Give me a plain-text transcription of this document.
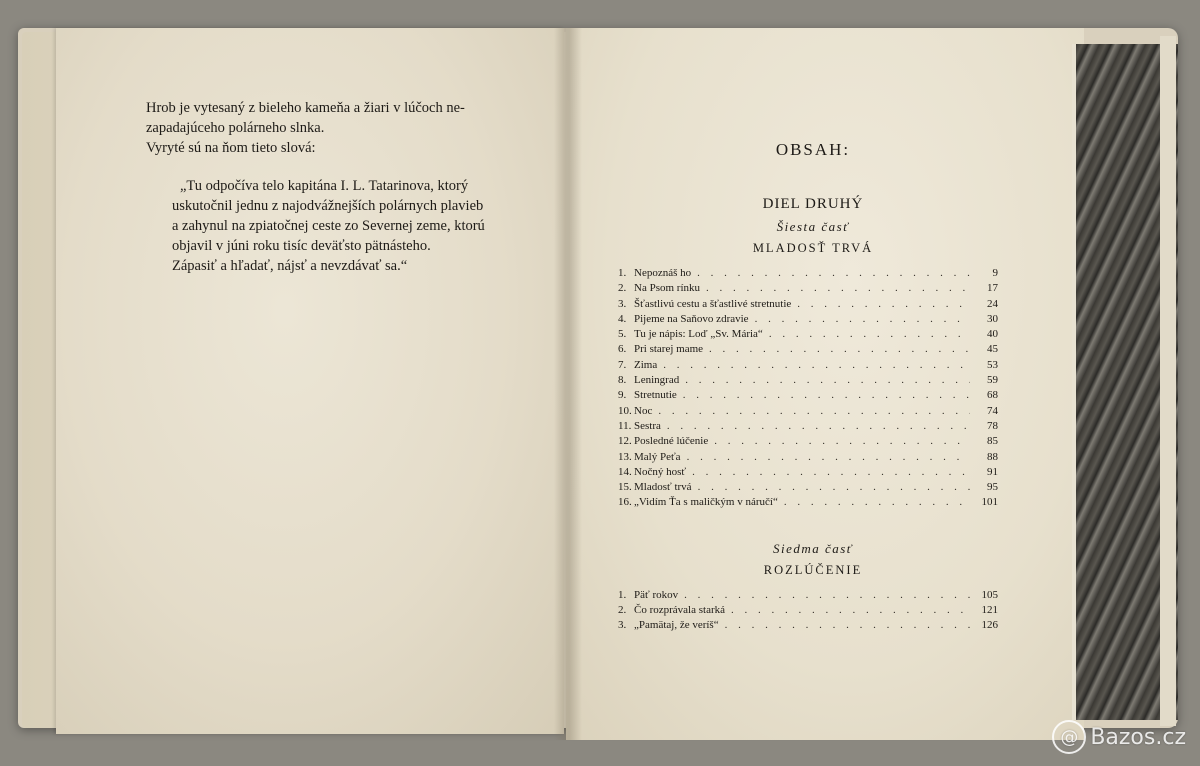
Hrob je vytesaný z bieleho kameňa a žiari v lúčoch ne-

zapadajúceho polárneho slnka.

Vyryté sú na ňom tieto slová:

„Tu odpočíva telo kapitána I. L. Tatarinova, ktorý

uskutočnil jednu z najodvážnejších polárnych plavieb

a zahynul na zpiatočnej ceste zo Severnej zeme, ktorú

objavil v júni roku tisíc deväťsto pätnásteho.

Zápasiť a hľadať, nájsť a nevzdávať sa.“

OBSAH:
DIEL DRUHÝ
Šiesta časť
MLADOSŤ TRVÁ
1. Nepoznáš ho . . .	9
2. Na Psom rínku . . .	17
3. Šťastlivú cestu a šťastlivé stretnutie . . .	24
4. Pijeme na Saňovo zdravie . . .	30
5. Tu je nápis: Loď „Sv. Mária“ . . .	40
6. Pri starej mame . . .	45
7. Zima . . .	53
8. Leningrad . . .	59
9. Stretnutie . . .	68
10. Noc . . .	74
11. Sestra . . .	78
12. Posledné lúčenie . . .	85
13. Malý Peťa . . .	88
14. Nočný hosť . . .	91
15. Mladosť trvá . . .	95
16. „Vidím Ťa s maličkým v náručí“ . . .	101
Siedma časť
ROZLÚČENIE
1. Päť rokov . . .	105
2. Čo rozprávala starká . . .	121
3. „Pamätaj, že veríš“ . . .	126
@ Bazos.cz
